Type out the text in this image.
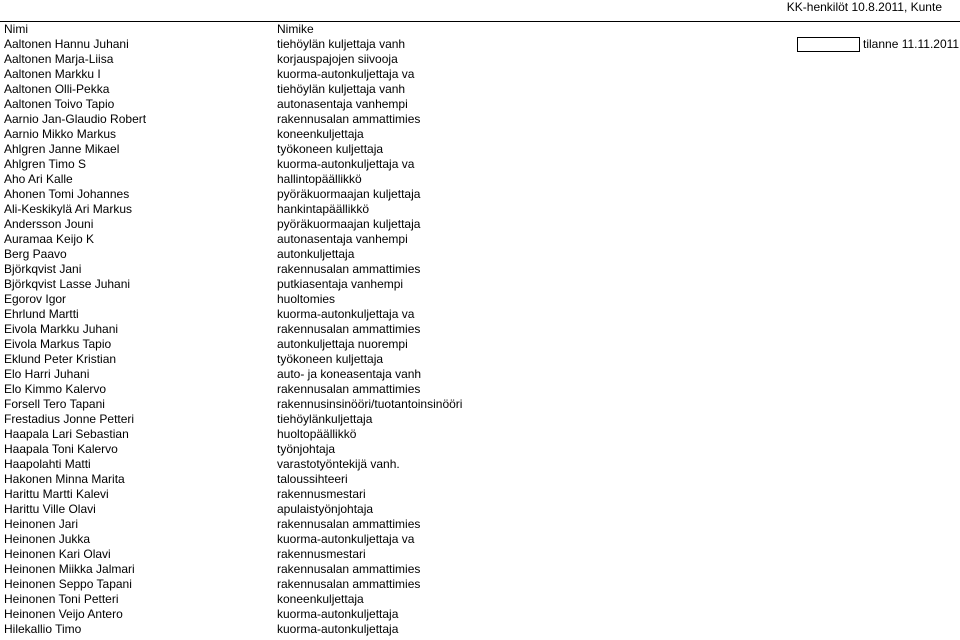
KK-henkilöt 10.8.2011, Kunte
Nimi	Nimike
Aaltonen Hannu Juhani	tiehöylän kuljettaja vanh
Aaltonen Marja-Liisa	korjauspajojen siivooja
Aaltonen Markku I	kuorma-autonkuljettaja va
Aaltonen Olli-Pekka	tiehöylän kuljettaja vanh
Aaltonen Toivo Tapio	autonasentaja vanhempi
Aarnio Jan-Glaudio Robert	rakennusalan ammattimies
Aarnio Mikko Markus	koneenkuljettaja
Ahlgren Janne Mikael	työkoneen kuljettaja
Ahlgren Timo S	kuorma-autonkuljettaja va
Aho Ari Kalle	hallintopäällikkö
Ahonen Tomi Johannes	pyöräkuormaajan kuljettaja
Ali-Keskikylä Ari Markus	hankintapäällikkö
Andersson Jouni	pyöräkuormaajan kuljettaja
Auramaa Keijo K	autonasentaja vanhempi
Berg Paavo	autonkuljettaja
Björkqvist Jani	rakennusalan ammattimies
Björkqvist Lasse Juhani	putkiasentaja vanhempi
Egorov Igor	huoltomies
Ehrlund Martti	kuorma-autonkuljettaja va
Eivola Markku Juhani	rakennusalan ammattimies
Eivola Markus Tapio	autonkuljettaja nuorempi
Eklund Peter Kristian	työkoneen kuljettaja
Elo Harri Juhani	auto- ja koneasentaja vanh
Elo Kimmo Kalervo	rakennusalan ammattimies
Forsell Tero Tapani	rakennusinsinööri/tuotantoinsinööri
Frestadius Jonne Petteri	tiehöylänkuljettaja
Haapala Lari Sebastian	huoltopäällikkö
Haapala Toni Kalervo	työnjohtaja
Haapolahti Matti	varastotyöntekijä vanh.
Hakonen Minna Marita	taloussihteeri
Harittu Martti Kalevi	rakennusmestari
Harittu Ville Olavi	apulaistyönjohtaja
Heinonen Jari	rakennusalan ammattimies
Heinonen Jukka	kuorma-autonkuljettaja va
Heinonen Kari Olavi	rakennusmestari
Heinonen Miikka Jalmari	rakennusalan ammattimies
Heinonen Seppo Tapani	rakennusalan ammattimies
Heinonen Toni Petteri	koneenkuljettaja
Heinonen Veijo Antero	kuorma-autonkuljettaja
Hilekallio Timo	kuorma-autonkuljettaja
tilanne 11.11.2011
